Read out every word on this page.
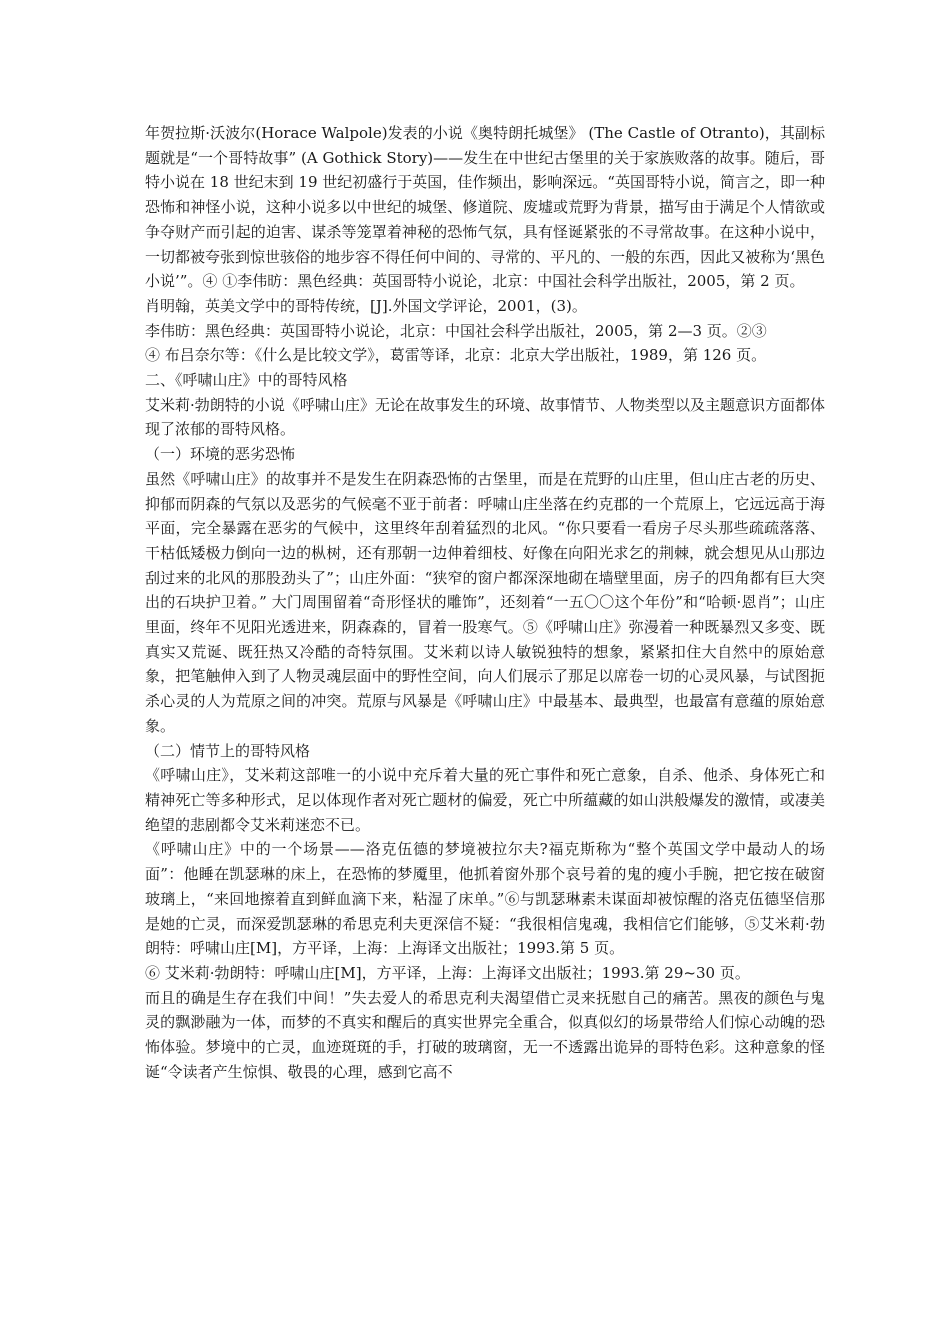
年贺拉斯·沃波尔(Horace Walpole)发表的小说《奥特朗托城堡》 (The Castle of Otranto)，其副标题就是“一个哥特故事” (A Gothick Story)——发生在中世纪古堡里的关于家族败落的故事。随后，哥特小说在 18 世纪末到 19 世纪初盛行于英国，佳作频出，影响深远。“英国哥特小说，简言之，即一种恐怖和神怪小说，这种小说多以中世纪的城堡、修道院、废墟或荒野为背景，描写由于满足个人情欲或争夺财产而引起的迫害、谋杀等笼罩着神秘的恐怖气氛，具有怪诞紧张的不寻常故事。在这种小说中，一切都被夸张到惊世骇俗的地步容不得任何中间的、寻常的、平凡的、一般的东西，因此又被称为‘黑色小说’”。④ ①李伟昉：黑色经典：英国哥特小说论，北京：中国社会科学出版社，2005，第 2 页。

肖明翰，英美文学中的哥特传统，[J].外国文学评论，2001，(3)。

李伟昉：黑色经典：英国哥特小说论，北京：中国社会科学出版社，2005，第 2—3 页。②③

④ 布吕奈尔等：《什么是比较文学》，葛雷等译，北京：北京大学出版社，1989，第 126 页。

二、《呼啸山庄》中的哥特风格

艾米莉·勃朗特的小说《呼啸山庄》无论在故事发生的环境、故事情节、人物类型以及主题意识方面都体现了浓郁的哥特风格。

（一）环境的恶劣恐怖

虽然《呼啸山庄》的故事并不是发生在阴森恐怖的古堡里，而是在荒野的山庄里，但山庄古老的历史、抑郁而阴森的气氛以及恶劣的气候毫不亚于前者：呼啸山庄坐落在约克郡的一个荒原上，它远远高于海平面，完全暴露在恶劣的气候中，这里终年刮着猛烈的北风。“你只要看一看房子尽头那些疏疏落落、干枯低矮极力倒向一边的枞树，还有那朝一边伸着细枝、好像在向阳光求乞的荆棘，就会想见从山那边刮过来的北风的那股劲头了”；山庄外面：“狭窄的窗户都深深地砌在墙壁里面，房子的四角都有巨大突出的石块护卫着。” 大门周围留着“奇形怪状的雕饰”，还刻着“一五〇〇这个年份”和“哈顿·恩肖”；山庄里面，终年不见阳光透进来，阴森森的，冒着一股寒气。⑤《呼啸山庄》弥漫着一种既暴烈又多变、既真实又荒诞、既狂热又冷酷的奇特氛围。艾米莉以诗人敏锐独特的想象，紧紧扣住大自然中的原始意象，把笔触伸入到了人物灵魂层面中的野性空间，向人们展示了那足以席卷一切的心灵风暴，与试图扼杀心灵的人为荒原之间的冲突。荒原与风暴是《呼啸山庄》中最基本、最典型，也最富有意蕴的原始意象。

（二）情节上的哥特风格

《呼啸山庄》，艾米莉这部唯一的小说中充斥着大量的死亡事件和死亡意象，自杀、他杀、身体死亡和精神死亡等多种形式，足以体现作者对死亡题材的偏爱，死亡中所蕴藏的如山洪般爆发的激情，或凄美绝望的悲剧都令艾米莉迷恋不已。

《呼啸山庄》中的一个场景——洛克伍德的梦境被拉尔夫?福克斯称为“整个英国文学中最动人的场面”：他睡在凯瑟琳的床上，在恐怖的梦魇里，他抓着窗外那个哀号着的鬼的瘦小手腕，把它按在破窗玻璃上，“来回地擦着直到鲜血滴下来，粘湿了床单。”⑥与凯瑟琳素未谋面却被惊醒的洛克伍德坚信那是她的亡灵，而深爱凯瑟琳的希思克利夫更深信不疑：“我很相信鬼魂，我相信它们能够，⑤艾米莉·勃朗特：呼啸山庄[M]，方平译，上海：上海译文出版社；1993.第 5 页。

⑥ 艾米莉·勃朗特：呼啸山庄[M]，方平译，上海：上海译文出版社；1993.第 29~30 页。

而且的确是生存在我们中间！”失去爱人的希思克利夫渴望借亡灵来抚慰自己的痛苦。黑夜的颜色与鬼灵的飘渺融为一体，而梦的不真实和醒后的真实世界完全重合，似真似幻的场景带给人们惊心动魄的恐怖体验。梦境中的亡灵，血迹斑斑的手，打破的玻璃窗，无一不透露出诡异的哥特色彩。这种意象的怪诞“令读者产生惊惧、敬畏的心理，感到它高不
